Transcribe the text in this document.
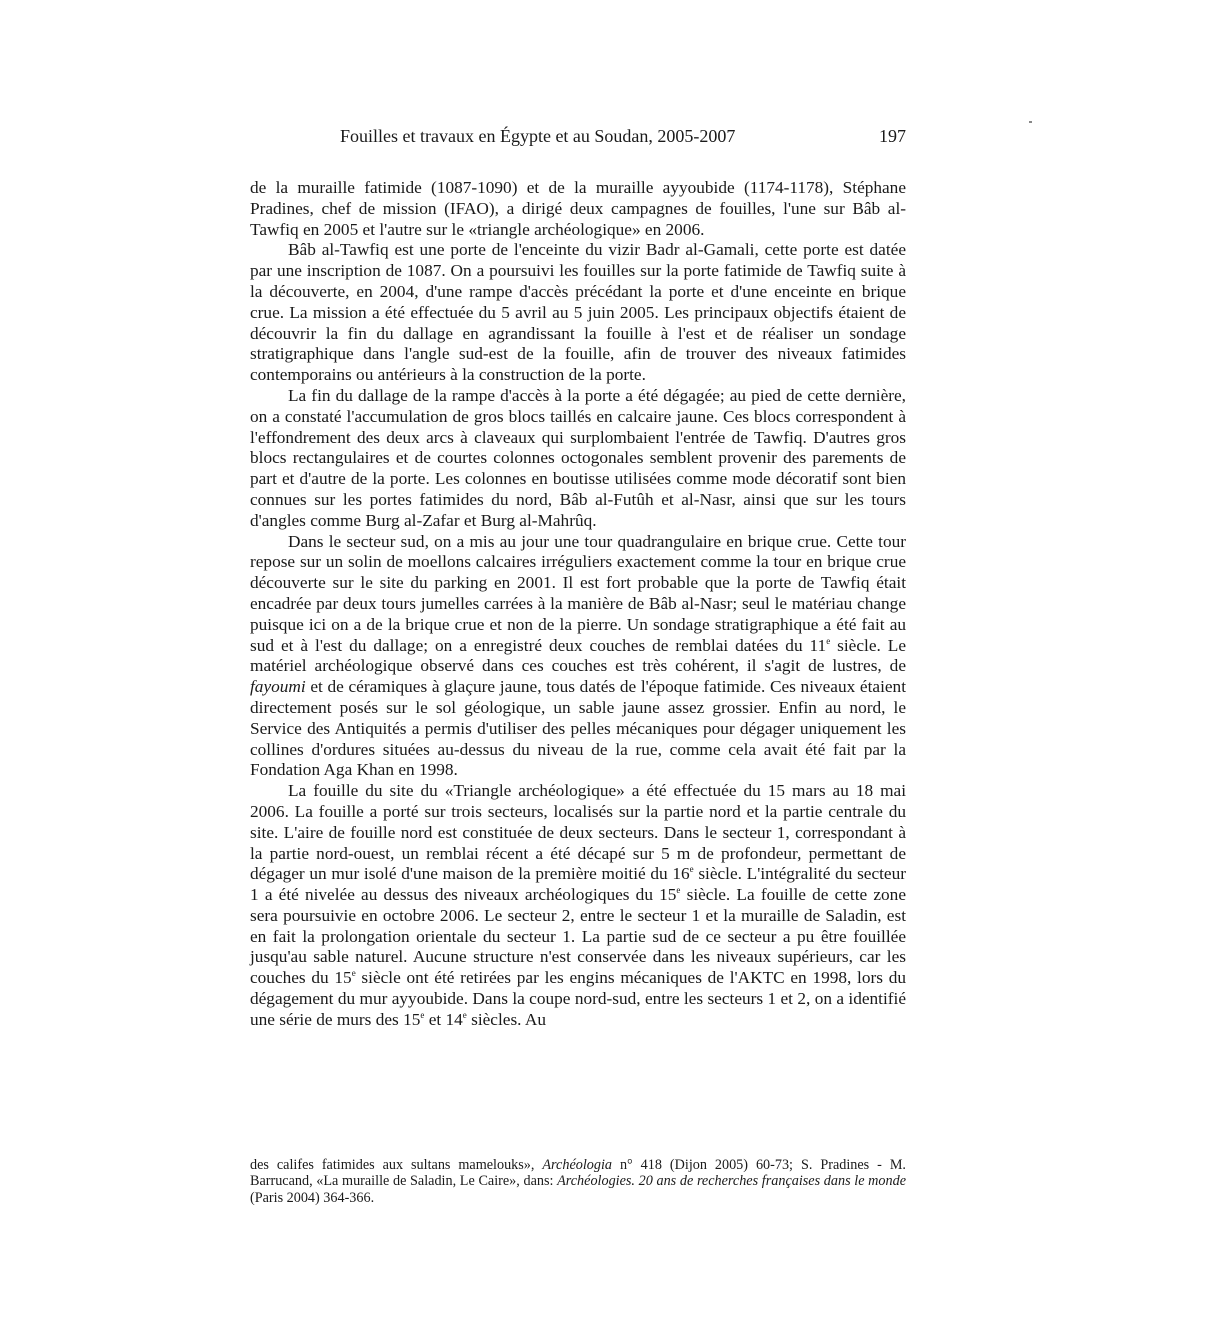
Fouilles et travaux en Égypte et au Soudan, 2005-2007	197

de la muraille fatimide (1087-1090) et de la muraille ayyoubide (1174-1178), Stéphane Pradines, chef de mission (IFAO), a dirigé deux campagnes de fouilles, l'une sur Bâb al-Tawfiq en 2005 et l'autre sur le «triangle archéologique» en 2006.

Bâb al-Tawfiq est une porte de l'enceinte du vizir Badr al-Gamali, cette porte est datée par une inscription de 1087. On a poursuivi les fouilles sur la porte fatimide de Tawfiq suite à la découverte, en 2004, d'une rampe d'accès précédant la porte et d'une enceinte en brique crue. La mission a été effectuée du 5 avril au 5 juin 2005. Les principaux objectifs étaient de découvrir la fin du dallage en agrandissant la fouille à l'est et de réaliser un sondage stratigraphique dans l'angle sud-est de la fouille, afin de trouver des niveaux fatimides contemporains ou antérieurs à la construction de la porte.

La fin du dallage de la rampe d'accès à la porte a été dégagée; au pied de cette dernière, on a constaté l'accumulation de gros blocs taillés en calcaire jaune. Ces blocs correspondent à l'effondrement des deux arcs à claveaux qui surplombaient l'entrée de Tawfiq. D'autres gros blocs rectangulaires et de courtes colonnes octogonales semblent provenir des parements de part et d'autre de la porte. Les colonnes en boutisse utilisées comme mode décoratif sont bien connues sur les portes fatimides du nord, Bâb al-Futûh et al-Nasr, ainsi que sur les tours d'angles comme Burg al-Zafar et Burg al-Mahrûq.

Dans le secteur sud, on a mis au jour une tour quadrangulaire en brique crue. Cette tour repose sur un solin de moellons calcaires irréguliers exactement comme la tour en brique crue découverte sur le site du parking en 2001. Il est fort probable que la porte de Tawfiq était encadrée par deux tours jumelles carrées à la manière de Bâb al-Nasr; seul le matériau change puisque ici on a de la brique crue et non de la pierre. Un sondage stratigraphique a été fait au sud et à l'est du dallage; on a enregistré deux couches de remblai datées du 11e siècle. Le matériel archéologique observé dans ces couches est très cohérent, il s'agit de lustres, de fayoumi et de céramiques à glaçure jaune, tous datés de l'époque fatimide. Ces niveaux étaient directement posés sur le sol géologique, un sable jaune assez grossier. Enfin au nord, le Service des Antiquités a permis d'utiliser des pelles mécaniques pour dégager uniquement les collines d'ordures situées au-dessus du niveau de la rue, comme cela avait été fait par la Fondation Aga Khan en 1998.

La fouille du site du «Triangle archéologique» a été effectuée du 15 mars au 18 mai 2006. La fouille a porté sur trois secteurs, localisés sur la partie nord et la partie centrale du site. L'aire de fouille nord est constituée de deux secteurs. Dans le secteur 1, correspondant à la partie nord-ouest, un remblai récent a été décapé sur 5 m de profondeur, permettant de dégager un mur isolé d'une maison de la première moitié du 16e siècle. L'intégralité du secteur 1 a été nivelée au dessus des niveaux archéologiques du 15e siècle. La fouille de cette zone sera poursuivie en octobre 2006. Le secteur 2, entre le secteur 1 et la muraille de Saladin, est en fait la prolongation orientale du secteur 1. La partie sud de ce secteur a pu être fouillée jusqu'au sable naturel. Aucune structure n'est conservée dans les niveaux supérieurs, car les couches du 15e siècle ont été retirées par les engins mécaniques de l'AKTC en 1998, lors du dégagement du mur ayyoubide. Dans la coupe nord-sud, entre les secteurs 1 et 2, on a identifié une série de murs des 15e et 14e siècles. Au

des califes fatimides aux sultans mamelouks», Archéologia n° 418 (Dijon 2005) 60-73; S. Pradines - M. Barrucand, «La muraille de Saladin, Le Caire», dans: Archéologies. 20 ans de recherches françaises dans le monde (Paris 2004) 364-366.
